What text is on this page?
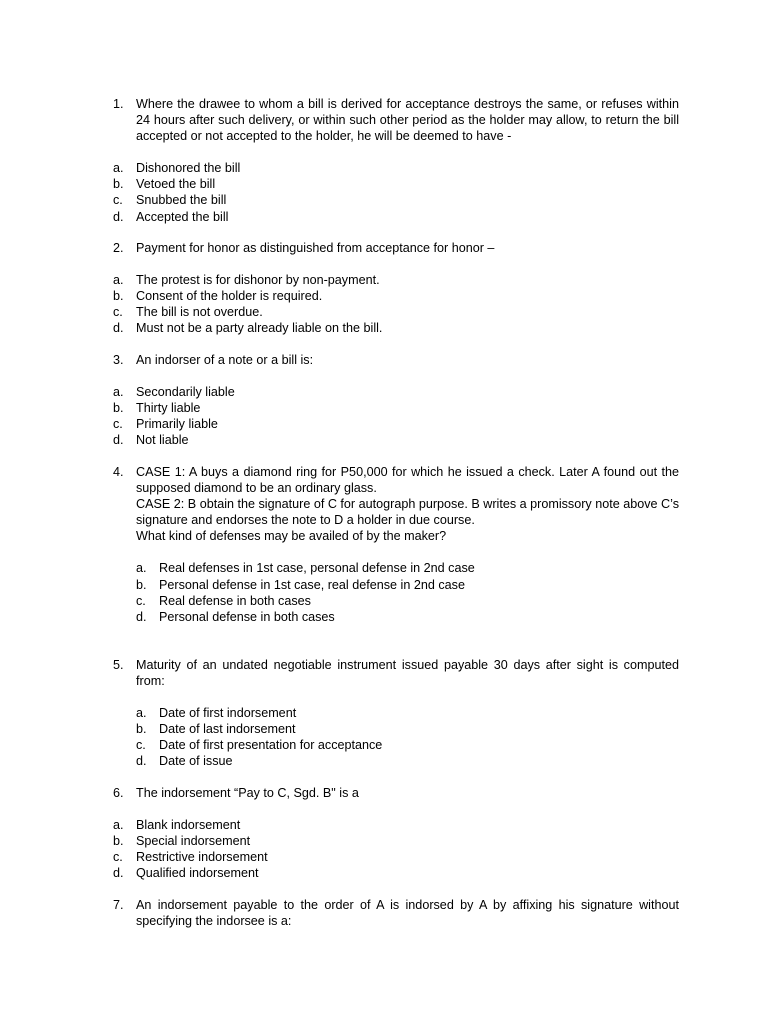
1. Where the drawee to whom a bill is derived for acceptance destroys the same, or refuses within 24 hours after such delivery, or within such other period as the holder may allow, to return the bill accepted or not accepted to the holder, he will be deemed to have -

a. Dishonored the bill
b. Vetoed the bill
c. Snubbed the bill
d. Accepted the bill
2. Payment for honor as distinguished from acceptance for honor –

a. The protest is for dishonor by non-payment.
b. Consent of the holder is required.
c. The bill is not overdue.
d. Must not be a party already liable on the bill.
3. An indorser of a note or a bill is:

a. Secondarily liable
b. Thirty liable
c. Primarily liable
d. Not liable
4. CASE 1: A buys a diamond ring for P50,000 for which he issued a check. Later A found out the supposed diamond to be an ordinary glass.

CASE 2: B obtain the signature of C for autograph purpose. B writes a promissory note above C’s signature and endorses the note to D a holder in due course.

What kind of defenses may be availed of by the maker?

a. Real defenses in 1st case, personal defense in 2nd case
b. Personal defense in 1st case, real defense in 2nd case
c. Real defense in both cases
d. Personal defense in both cases
5. Maturity of an undated negotiable instrument issued payable 30 days after sight is computed from:

a. Date of first indorsement
b. Date of last indorsement
c. Date of first presentation for acceptance
d. Date of issue
6. The indorsement “Pay to C, Sgd. B" is a

a. Blank indorsement
b. Special indorsement
c. Restrictive indorsement
d. Qualified indorsement
7. An indorsement payable to the order of A is indorsed by A by affixing his signature without specifying the indorsee is a:
